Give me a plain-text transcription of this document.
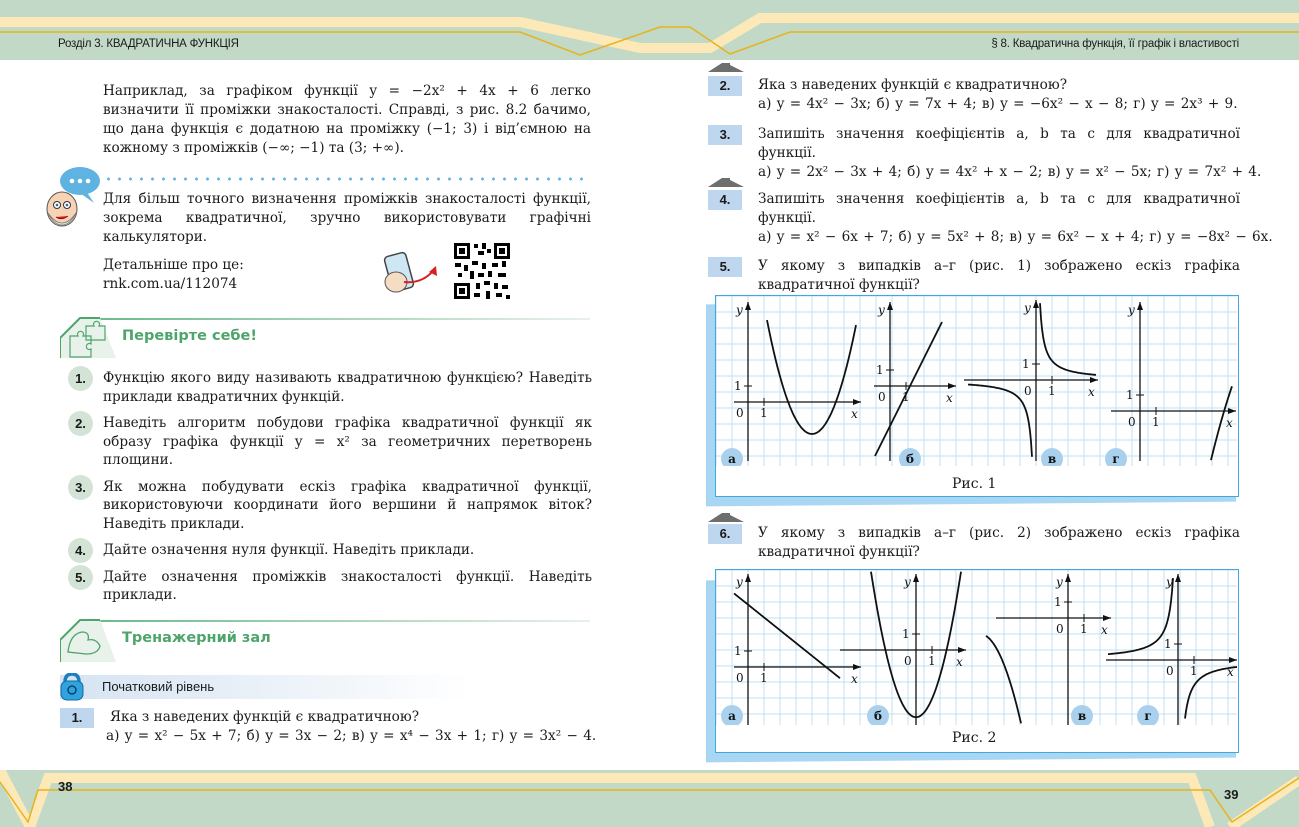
Розділ 3. КВАДРАТИЧНА ФУНКЦІЯ	§ 8. Квадратична функція, її графік і властивості
38
39

Наприклад, за графіком функції y = −2x² + 4x + 6 легко визначити її проміжки знакосталості. Справді, з рис. 8.2 бачимо, що дана функція є додатною на проміжку (−1; 3) і від’ємною на кожному з проміжків (−∞; −1) та (3; +∞).

Для більш точного визначення проміжків знакосталості функції, зокрема квадратичної, зручно використовувати графічні калькулятори.

Детальніше про це:

rnk.com.ua/112074

Перевірте себе!
1.	Функцію якого виду називають квадратичною функцією? Наведіть приклади квадратичних функцій.
2.	Наведіть алгоритм побудови графіка квадратичної функції як образу графіка функції y = x² за геометричних перетворень площини.
3.	Як можна побудувати ескіз графіка квадратичної функції, використовуючи координати його вершини й напрямок віток? Наведіть приклади.
4.	Дайте означення нуля функції. Наведіть приклади.
5.	Дайте означення проміжків знакосталості функції. Наведіть приклади.
Тренажерний зал
Початковий рівень
1.	Яка з наведених функцій є квадратичною?
а) y = x² − 5x + 7; б) y = 3x − 2; в) y = x⁴ − 3x + 1; г) y = 3x² − 4.
2.	Яка з наведених функцій є квадратичною?
а) y = 4x² − 3x; б) y = 7x + 4; в) y = −6x² − x − 8; г) y = 2x³ + 9.
3.	Запишіть значення коефіцієнтів a, b та c для квадратичної функції.
а) y = 2x² − 3x + 4; б) y = 4x² + x − 2; в) y = x² − 5x; г) y = 7x² + 4.
4.	Запишіть значення коефіцієнтів a, b та c для квадратичної функції.
а) y = x² − 6x + 7; б) y = 5x² + 8; в) y = 6x² − x + 4; г) y = −8x² − 6x.
5.	У якому з випадків а–г (рис. 1) зображено ескіз графіка квадратичної функції?
y
x
0 1
1
а
y
x
0 1
1
б
y
x
0 1
1
в
y
x
0 1
1
г
Рис. 1
6.	У якому з випадків а–г (рис. 2) зображено ескіз графіка квадратичної функції?
y
x
0 1
1
а
y
x
0 1
1
б
y
x
0 1
1
в
y
x
0 1
1
г
Рис. 2
